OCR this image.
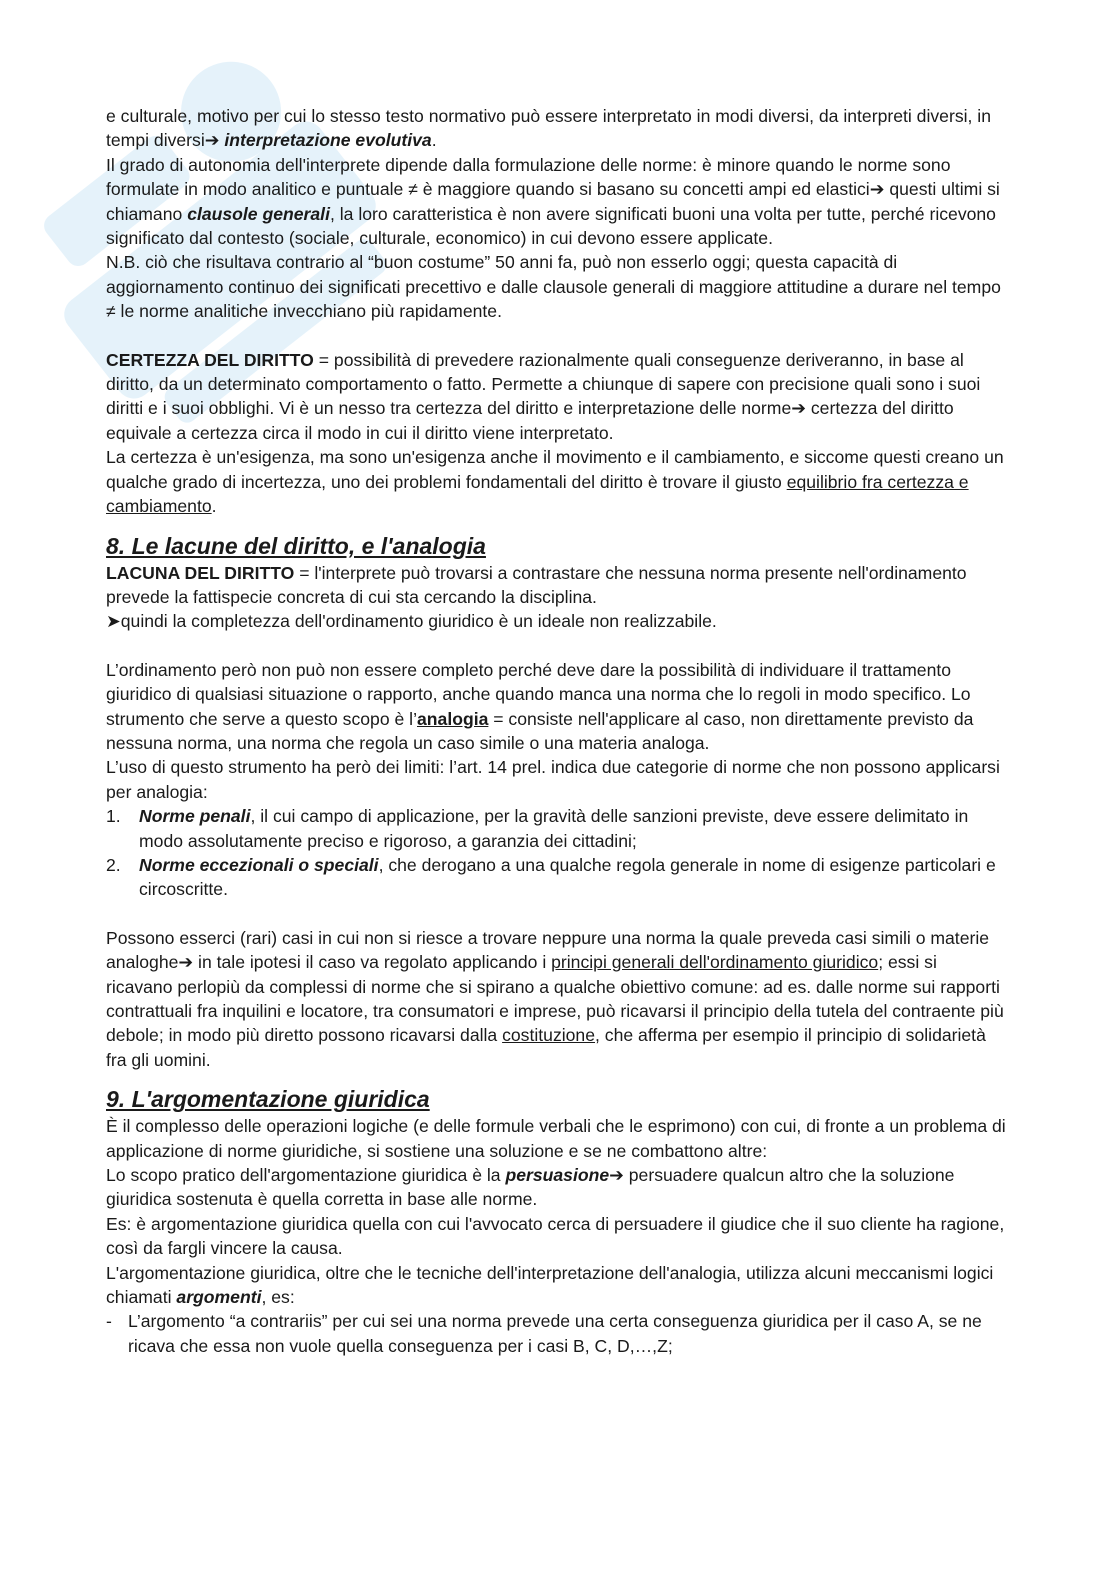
e culturale, motivo per cui lo stesso testo normativo può essere interpretato in modi diversi, da interpreti diversi, in tempi diversi➔ interpretazione evolutiva.

Il grado di autonomia dell'interprete dipende dalla formulazione delle norme: è minore quando le norme sono formulate in modo analitico e puntuale ≠ è maggiore quando si basano su concetti ampi ed elastici➔ questi ultimi si chiamano clausole generali, la loro caratteristica è non avere significati buoni una volta per tutte, perché ricevono significato dal contesto (sociale, culturale, economico) in cui devono essere applicate.

N.B. ciò che risultava contrario al “buon costume” 50 anni fa, può non esserlo oggi; questa capacità di aggiornamento continuo dei significati precettivo e dalle clausole generali di maggiore attitudine a durare nel tempo ≠ le norme analitiche invecchiano più rapidamente.

CERTEZZA DEL DIRITTO = possibilità di prevedere razionalmente quali conseguenze deriveranno, in base al diritto, da un determinato comportamento o fatto. Permette a chiunque di sapere con precisione quali sono i suoi diritti e i suoi obblighi. Vi è un nesso tra certezza del diritto e interpretazione delle norme➔ certezza del diritto equivale a certezza circa il modo in cui il diritto viene interpretato.

La certezza è un'esigenza, ma sono un'esigenza anche il movimento e il cambiamento, e siccome questi creano un qualche grado di incertezza, uno dei problemi fondamentali del diritto è trovare il giusto equilibrio fra certezza e cambiamento.

8. Le lacune del diritto, e l'analogia

LACUNA DEL DIRITTO = l'interprete può trovarsi a contrastare che nessuna norma presente nell'ordinamento prevede la fattispecie concreta di cui sta cercando la disciplina.

➤quindi la completezza dell'ordinamento giuridico è un ideale non realizzabile.

L’ordinamento però non può non essere completo perché deve dare la possibilità di individuare il trattamento giuridico di qualsiasi situazione o rapporto, anche quando manca una norma che lo regoli in modo specifico. Lo strumento che serve a questo scopo è l’analogia = consiste nell'applicare al caso, non direttamente previsto da nessuna norma, una norma che regola un caso simile o una materia analoga.

L’uso di questo strumento ha però dei limiti: l’art. 14 prel. indica due categorie di norme che non possono applicarsi per analogia:

1.	Norme penali, il cui campo di applicazione, per la gravità delle sanzioni previste, deve essere delimitato in modo assolutamente preciso e rigoroso, a garanzia dei cittadini;
2.	Norme eccezionali o speciali, che derogano a una qualche regola generale in nome di esigenze particolari e circoscritte.

Possono esserci (rari) casi in cui non si riesce a trovare neppure una norma la quale preveda casi simili o materie analoghe➔ in tale ipotesi il caso va regolato applicando i principi generali dell'ordinamento giuridico; essi si ricavano perlopiù da complessi di norme che si spirano a qualche obiettivo comune: ad es. dalle norme sui rapporti contrattuali fra inquilini e locatore, tra consumatori e imprese, può ricavarsi il principio della tutela del contraente più debole; in modo più diretto possono ricavarsi dalla costituzione, che afferma per esempio il principio di solidarietà fra gli uomini.

9. L'argomentazione giuridica

È il complesso delle operazioni logiche (e delle formule verbali che le esprimono) con cui, di fronte a un problema di applicazione di norme giuridiche, si sostiene una soluzione e se ne combattono altre:

Lo scopo pratico dell'argomentazione giuridica è la persuasione➔ persuadere qualcun altro che la soluzione giuridica sostenuta è quella corretta in base alle norme.

Es: è argomentazione giuridica quella con cui l'avvocato cerca di persuadere il giudice che il suo cliente ha ragione, così da fargli vincere la causa.

L'argomentazione giuridica, oltre che le tecniche dell'interpretazione dell'analogia, utilizza alcuni meccanismi logici chiamati argomenti, es:

- L’argomento “a contrariis” per cui sei una norma prevede una certa conseguenza giuridica per il caso A, se ne ricava che essa non vuole quella conseguenza per i casi B, C, D,…,Z;
